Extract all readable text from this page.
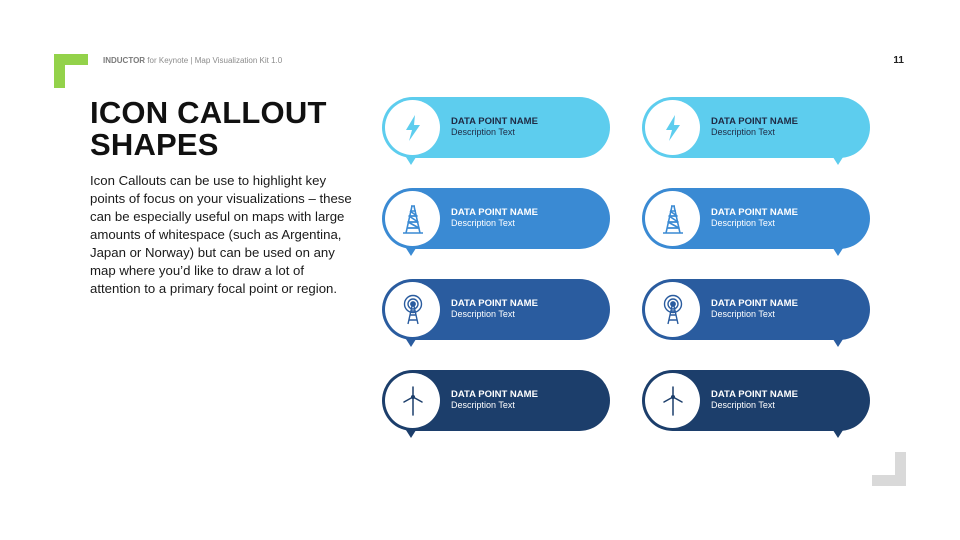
INDUCTOR for Keynote | Map Visualization Kit 1.0	11
ICON CALLOUT
SHAPES

Icon Callouts can be use to highlight key points of focus on your visualizations – these can be especially useful on maps with large amounts of whitespace (such as Argentina, Japan or Norway) but can be used on any map where you’d like to draw a lot of attention to a primary focal point or region.

DATA POINT NAME
Description Text
DATA POINT NAME
Description Text
DATA POINT NAME
Description Text
DATA POINT NAME
Description Text
DATA POINT NAME
Description Text
DATA POINT NAME
Description Text
DATA POINT NAME
Description Text
DATA POINT NAME
Description Text
